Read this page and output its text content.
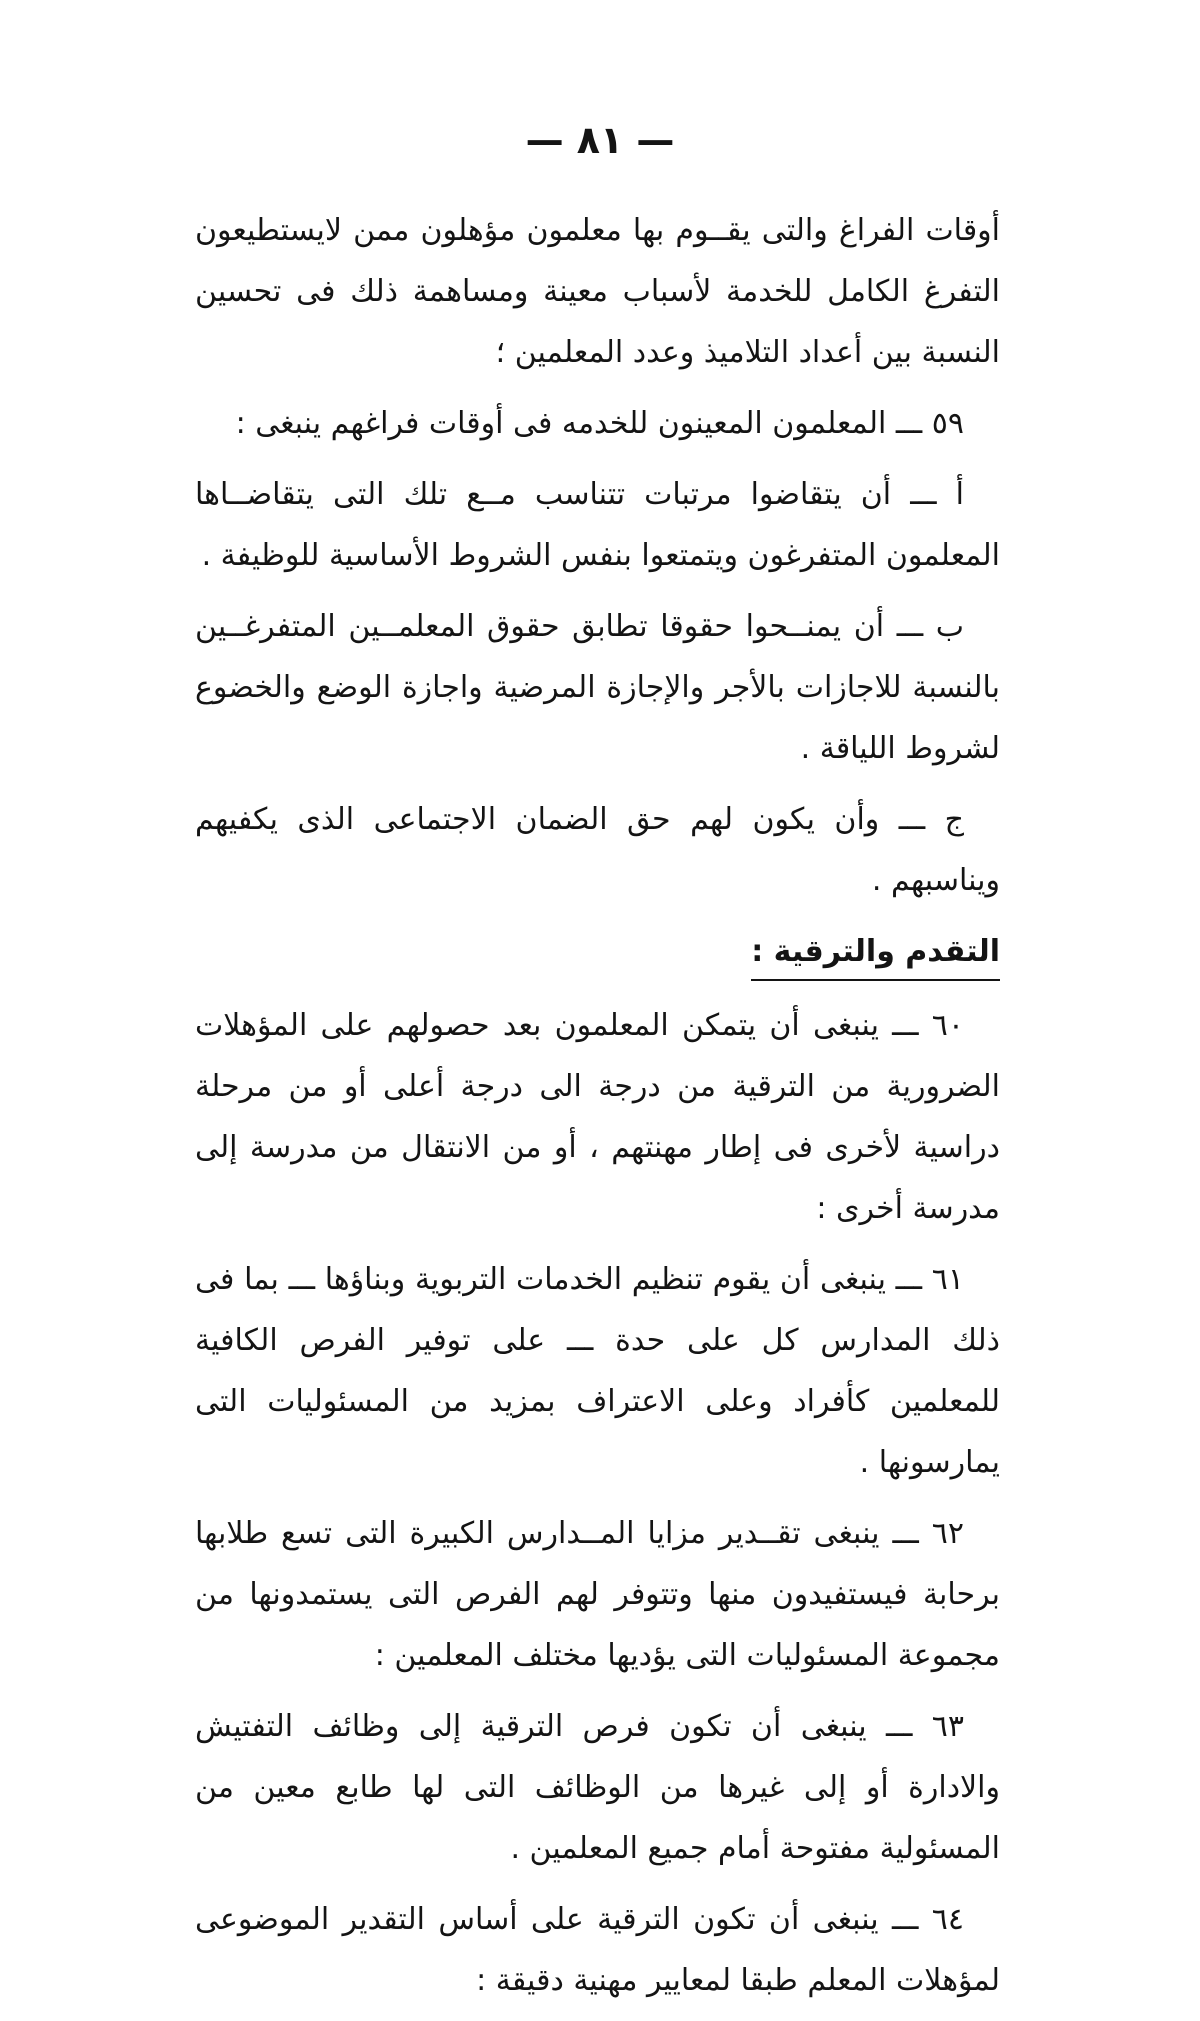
— ٨١ —

أوقات الفراغ والتى يقــوم بها معلمون مؤهلون ممن لايستطيعون التفرغ الكامل للخدمة لأسباب معينة ومساهمة ذلك فى تحسين النسبة بين أعداد التلاميذ وعدد المعلمين ؛

٥٩ ـــ المعلمون المعينون للخدمه فى أوقات فراغهم ينبغى :

أ ـــ أن يتقاضوا مرتبات تتناسب مــع تلك التى يتقاضــاها المعلمون المتفرغون ويتمتعوا بنفس الشروط الأساسية للوظيفة .

ب ـــ أن يمنــحوا حقوقا تطابق حقوق المعلمــين المتفرغــين بالنسبة للاجازات بالأجر والإجازة المرضية واجازة الوضع والخضوع لشروط اللياقة .

ج ـــ وأن يكون لهم حق الضمان الاجتماعى الذى يكفيهم ويناسبهم .

التقدم والترقية :

٦٠ ـــ ينبغى أن يتمكن المعلمون بعد حصولهم على المؤهلات الضرورية من الترقية من درجة الى درجة أعلى أو من مرحلة دراسية لأخرى فى إطار مهنتهم ، أو من الانتقال من مدرسة إلى مدرسة أخرى :

٦١ ـــ ينبغى أن يقوم تنظيم الخدمات التربوية وبناؤها ـــ بما فى ذلك المدارس كل على حدة ـــ على توفير الفرص الكافية للمعلمين كأفراد وعلى الاعتراف بمزيد من المسئوليات التى يمارسونها .

٦٢ ـــ ينبغى تقــدير مزايا المــدارس الكبيرة التى تسع طلابها برحابة فيستفيدون منها وتتوفر لهم الفرص التى يستمدونها من مجموعة المسئوليات التى يؤديها مختلف المعلمين :

٦٣ ـــ ينبغى أن تكون فرص الترقية إلى وظائف التفتيش والادارة أو إلى غيرها من الوظائف التى لها طابع معين من المسئولية مفتوحة أمام جميع المعلمين .

٦٤ ـــ ينبغى أن تكون الترقية على أساس التقدير الموضوعى لمؤهلات المعلم طبقا لمعايير مهنية دقيقة :
